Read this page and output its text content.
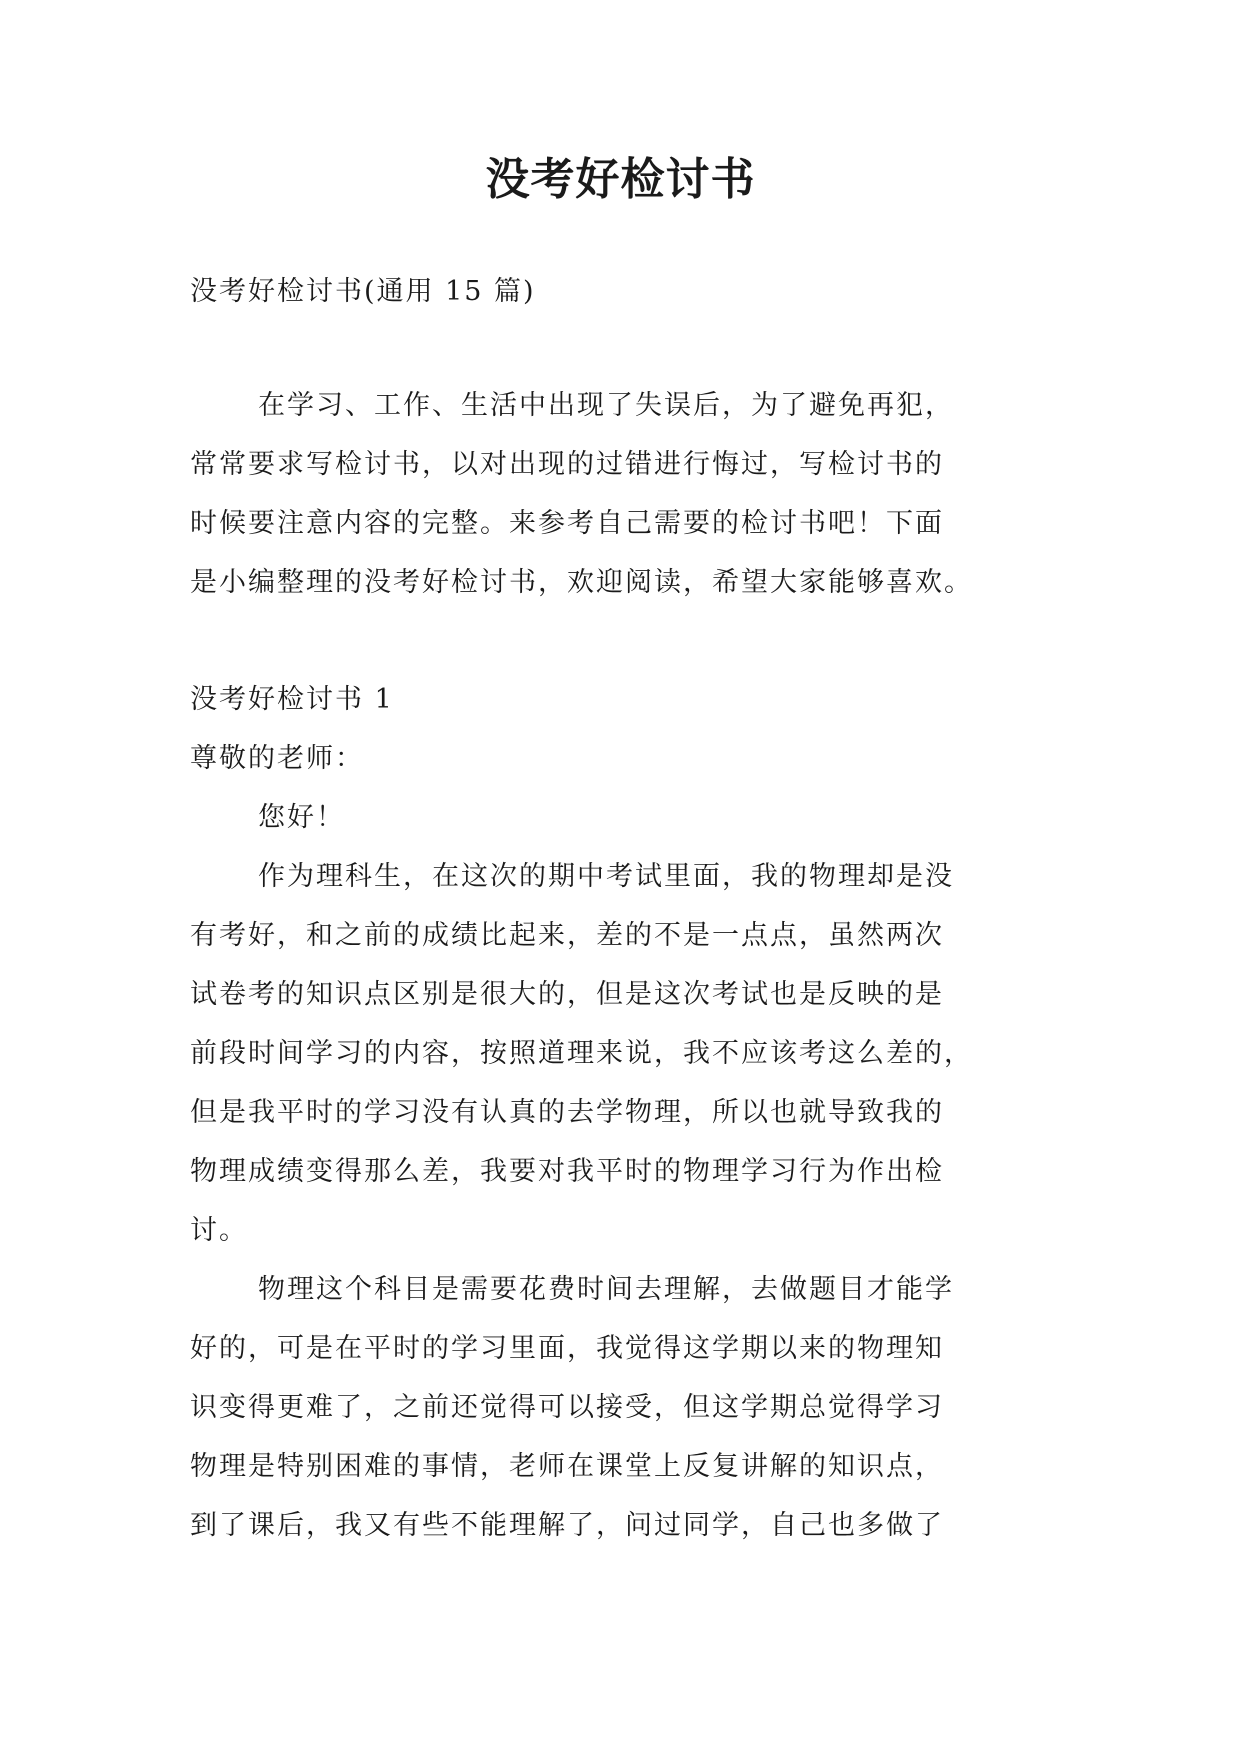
没考好检讨书
没考好检讨书(通用 15 篇)
在学习、工作、生活中出现了失误后，为了避免再犯，
常常要求写检讨书，以对出现的过错进行悔过，写检讨书的
时候要注意内容的完整。来参考自己需要的检讨书吧！下面
是小编整理的没考好检讨书，欢迎阅读，希望大家能够喜欢。
没考好检讨书 1
尊敬的老师：
您好！
作为理科生，在这次的期中考试里面，我的物理却是没
有考好，和之前的成绩比起来，差的不是一点点，虽然两次
试卷考的知识点区别是很大的，但是这次考试也是反映的是
前段时间学习的内容，按照道理来说，我不应该考这么差的，
但是我平时的学习没有认真的去学物理，所以也就导致我的
物理成绩变得那么差，我要对我平时的物理学习行为作出检
讨。
物理这个科目是需要花费时间去理解，去做题目才能学
好的，可是在平时的学习里面，我觉得这学期以来的物理知
识变得更难了，之前还觉得可以接受，但这学期总觉得学习
物理是特别困难的事情，老师在课堂上反复讲解的知识点，
到了课后，我又有些不能理解了，问过同学，自己也多做了
